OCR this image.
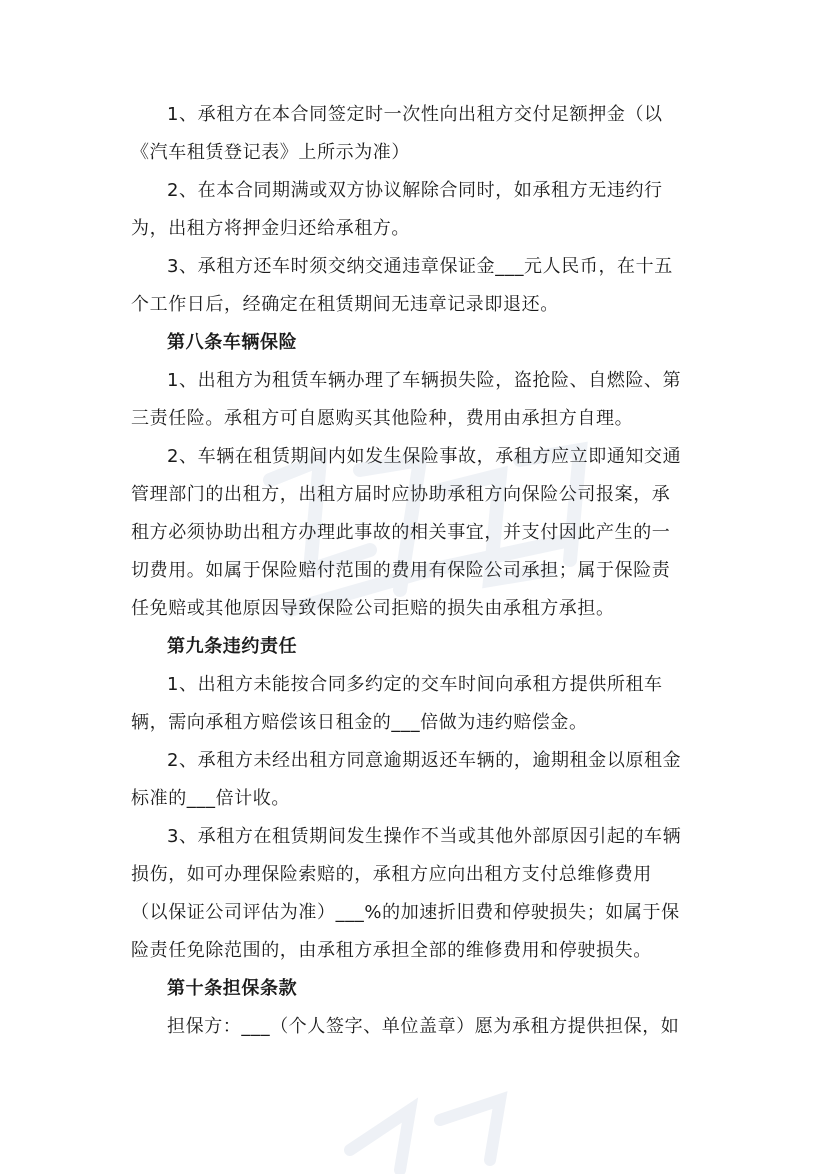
1、承租方在本合同签定时一次性向出租方交付足额押金（以
《汽车租赁登记表》上所示为准）
2、在本合同期满或双方协议解除合同时，如承租方无违约行
为，出租方将押金归还给承租方。
3、承租方还车时须交纳交通违章保证金___元人民币，在十五
个工作日后，经确定在租赁期间无违章记录即退还。
第八条车辆保险
1、出租方为租赁车辆办理了车辆损失险，盗抢险、自燃险、第
三责任险。承租方可自愿购买其他险种，费用由承担方自理。
2、车辆在租赁期间内如发生保险事故，承租方应立即通知交通
管理部门的出租方，出租方届时应协助承租方向保险公司报案，承
租方必须协助出租方办理此事故的相关事宜，并支付因此产生的一
切费用。如属于保险赔付范围的费用有保险公司承担；属于保险责
任免赔或其他原因导致保险公司拒赔的损失由承租方承担。
第九条违约责任
1、出租方未能按合同多约定的交车时间向承租方提供所租车
辆，需向承租方赔偿该日租金的___倍做为违约赔偿金。
2、承租方未经出租方同意逾期返还车辆的，逾期租金以原租金
标准的___倍计收。
3、承租方在租赁期间发生操作不当或其他外部原因引起的车辆
损伤，如可办理保险索赔的，承租方应向出租方支付总维修费用
（以保证公司评估为准）___%的加速折旧费和停驶损失；如属于保
险责任免除范围的，由承租方承担全部的维修费用和停驶损失。
第十条担保条款
担保方：___（个人签字、单位盖章）愿为承租方提供担保，如
